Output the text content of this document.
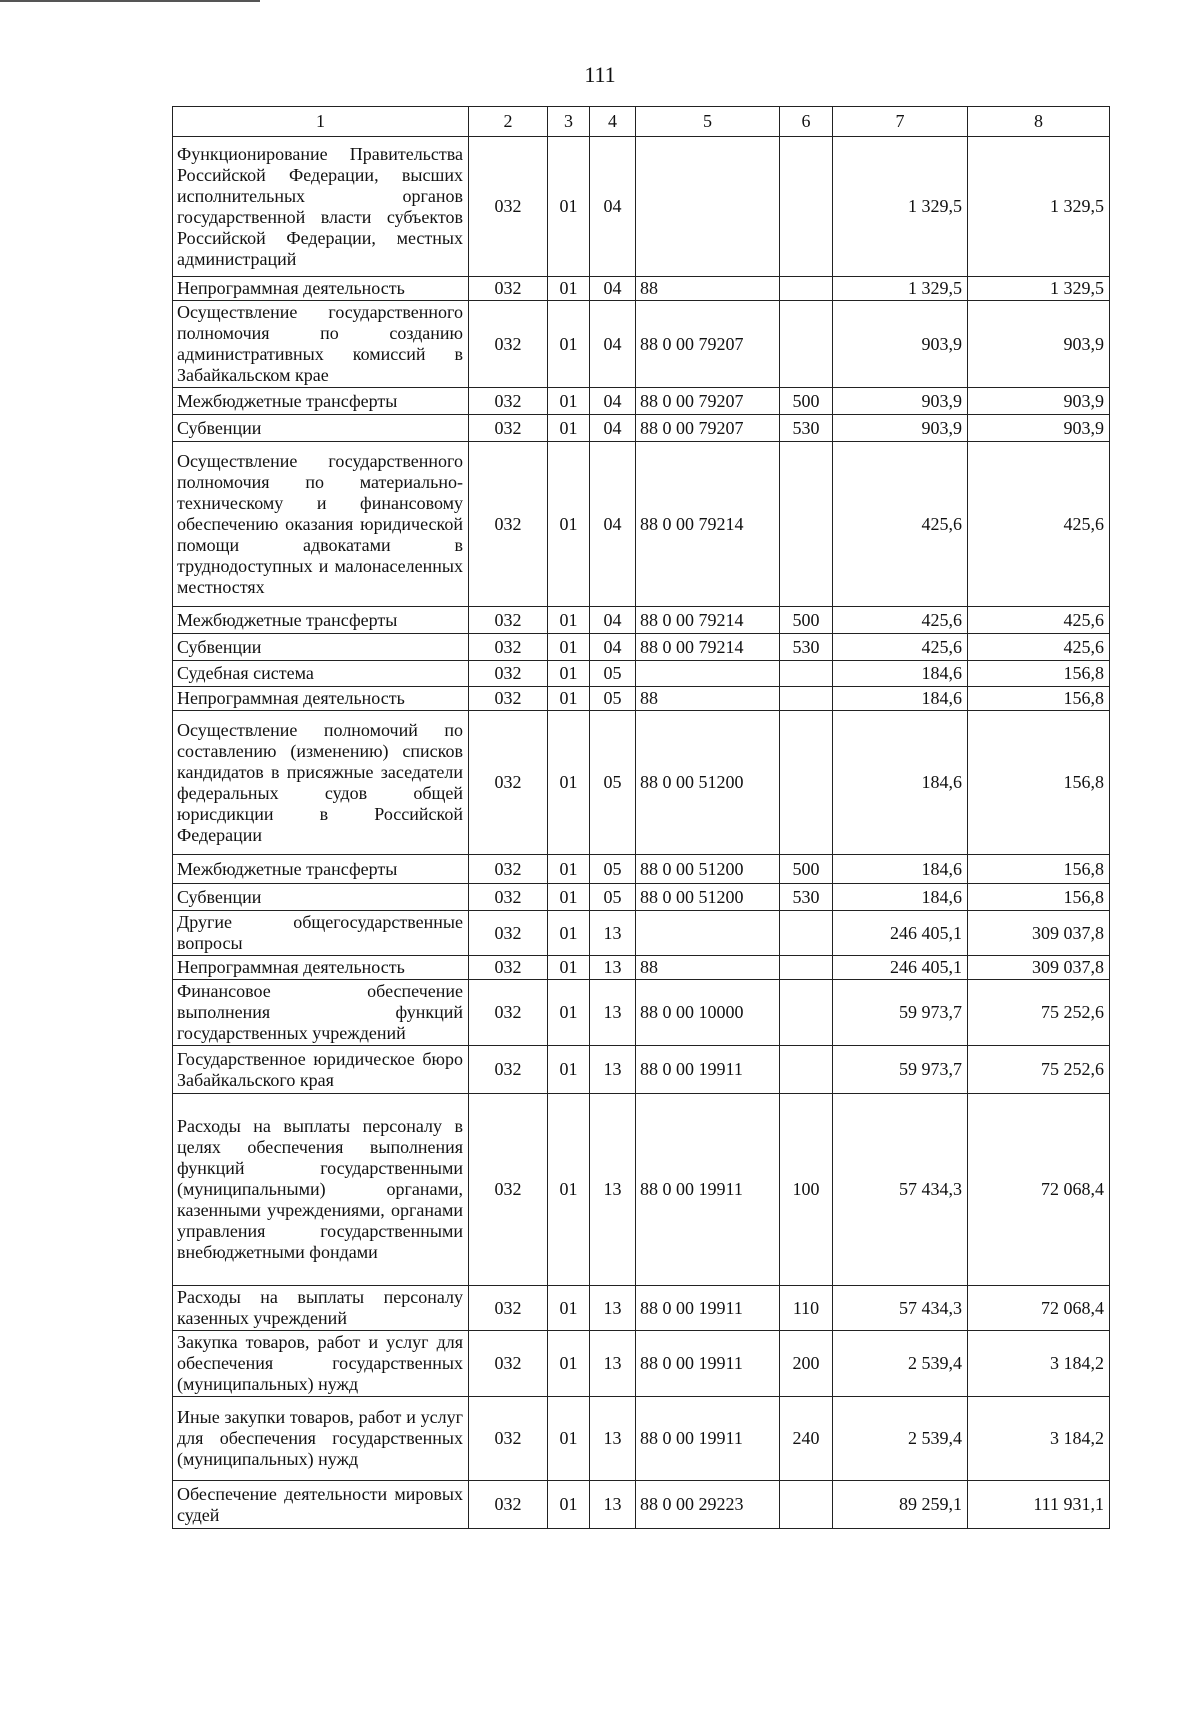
111
1	2	3	4	5	6	7	8
Функционирование Правительства Российской Федерации, высших исполнительных органов государственной власти субъектов Российской Федерации, местных администраций	032	01	04			1 329,5	1 329,5
Непрограммная деятельность	032	01	04	88		1 329,5	1 329,5
Осуществление государственного полномочия по созданию административных комиссий в Забайкальском крае	032	01	04	88 0 00 79207		903,9	903,9
Межбюджетные трансферты	032	01	04	88 0 00 79207	500	903,9	903,9
Субвенции	032	01	04	88 0 00 79207	530	903,9	903,9
Осуществление государственного полномочия по материально-техническому и финансовому обеспечению оказания юридической помощи адвокатами в труднодоступных и малонаселенных местностях	032	01	04	88 0 00 79214		425,6	425,6
Межбюджетные трансферты	032	01	04	88 0 00 79214	500	425,6	425,6
Субвенции	032	01	04	88 0 00 79214	530	425,6	425,6
Судебная система	032	01	05			184,6	156,8
Непрограммная деятельность	032	01	05	88		184,6	156,8
Осуществление полномочий по составлению (изменению) списков кандидатов в присяжные заседатели федеральных судов общей юрисдикции в Российской Федерации	032	01	05	88 0 00 51200		184,6	156,8
Межбюджетные трансферты	032	01	05	88 0 00 51200	500	184,6	156,8
Субвенции	032	01	05	88 0 00 51200	530	184,6	156,8
Другие общегосударственные вопросы	032	01	13			246 405,1	309 037,8
Непрограммная деятельность	032	01	13	88		246 405,1	309 037,8
Финансовое обеспечение выполнения функций государственных учреждений	032	01	13	88 0 00 10000		59 973,7	75 252,6
Государственное юридическое бюро Забайкальского края	032	01	13	88 0 00 19911		59 973,7	75 252,6
Расходы на выплаты персоналу в целях обеспечения выполнения функций государственными (муниципальными) органами, казенными учреждениями, органами управления государственными внебюджетными фондами	032	01	13	88 0 00 19911	100	57 434,3	72 068,4
Расходы на выплаты персоналу казенных учреждений	032	01	13	88 0 00 19911	110	57 434,3	72 068,4
Закупка товаров, работ и услуг для обеспечения государственных (муниципальных) нужд	032	01	13	88 0 00 19911	200	2 539,4	3 184,2
Иные закупки товаров, работ и услуг для обеспечения государственных (муниципальных) нужд	032	01	13	88 0 00 19911	240	2 539,4	3 184,2
Обеспечение деятельности мировых судей	032	01	13	88 0 00 29223		89 259,1	111 931,1
